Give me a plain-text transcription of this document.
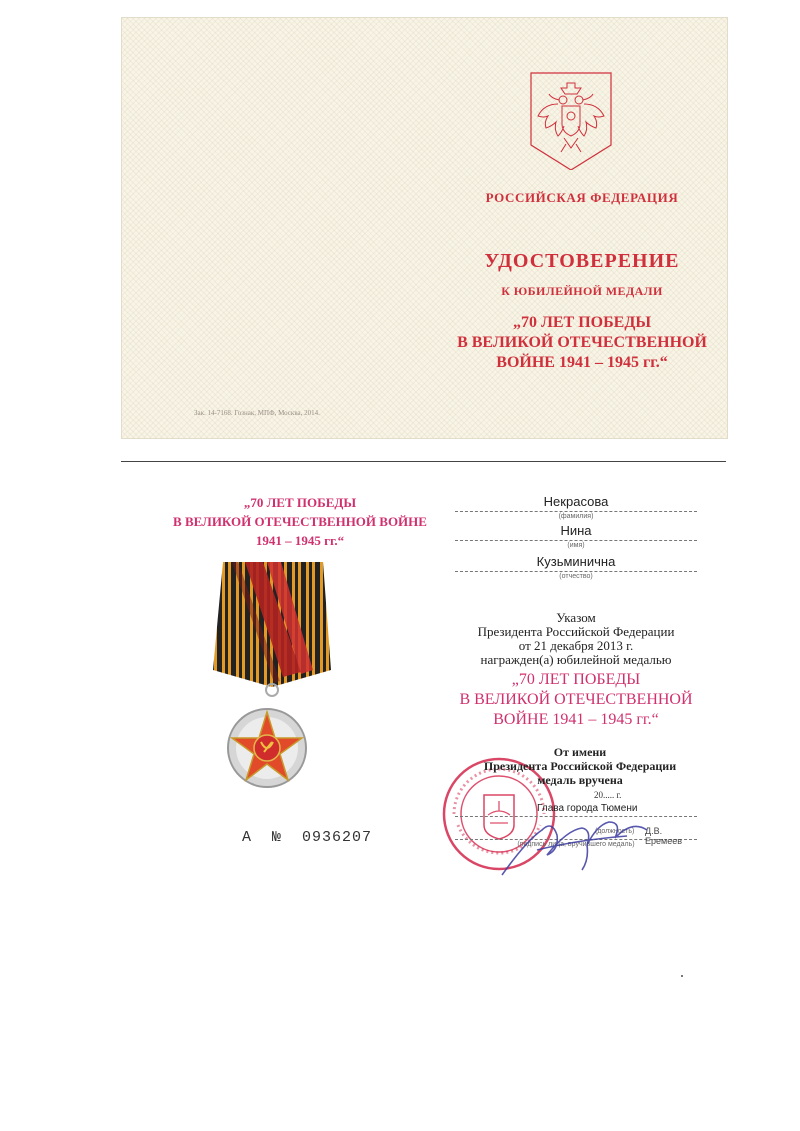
РОССИЙСКАЯ ФЕДЕРАЦИЯ
УДОСТОВЕРЕНИЕ
К ЮБИЛЕЙНОЙ МЕДАЛИ
„70 ЛЕТ ПОБЕДЫ
В ВЕЛИКОЙ ОТЕЧЕСТВЕННОЙ
ВОЙНЕ 1941 – 1945 гг.“
Зак. 14-7168. Гознак, МПФ, Москва, 2014.
„70 ЛЕТ ПОБЕДЫ
В ВЕЛИКОЙ ОТЕЧЕСТВЕННОЙ ВОЙНЕ
1941 – 1945 гг.“
А  №  0936207
Некрасова
(фамилия)
Нина
(имя)
Кузьминична
(отчество)
Указом
Президента Российской Федерации
от 21 декабря 2013 г.
награжден(а) юбилейной медалью
„70 ЛЕТ ПОБЕДЫ
В ВЕЛИКОЙ ОТЕЧЕСТВЕННОЙ
ВОЙНЕ 1941 – 1945 гг.“
От имени
Президента Российской Федерации
медаль вручена
20..... г.
Глава города Тюмени
(должность) Д.В. Еремеев
(подпись лица, вручившего медаль)
